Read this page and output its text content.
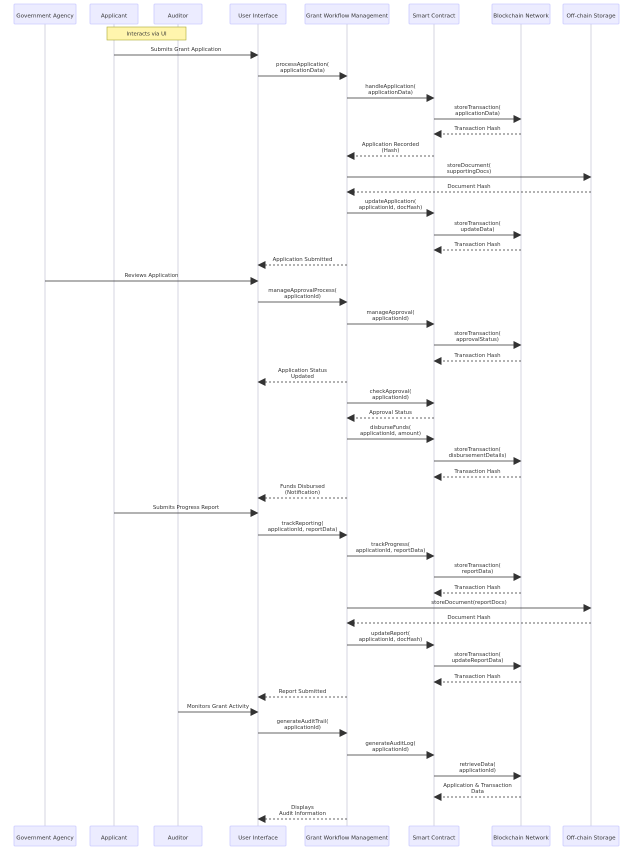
Government Agency	Applicant	Auditor	User Interface	Grant Workflow Management	Smart Contract	Blockchain Network	Off-chain Storage
Government Agency	Applicant	Auditor	User Interface	Grant Workflow Management	Smart Contract	Blockchain Network	Off-chain Storage
Interacts via UI
Submits Grant Application
processApplication(
applicationData)
handleApplication(
applicationData)
storeTransaction(
applicationData)
Transaction Hash
Application Recorded
(Hash)
storeDocument(
supportingDocs)
Document Hash
updateApplication(
applicationId, docHash)
storeTransaction(
updateData)
Transaction Hash
Application Submitted
Reviews Application
manageApprovalProcess(
applicationId)
manageApproval(
applicationId)
storeTransaction(
approvalStatus)
Transaction Hash
Application Status
Updated
checkApproval(
applicationId)
Approval Status
disburseFunds(
applicationId, amount)
storeTransaction(
disbursementDetails)
Transaction Hash
Funds Disbursed
(Notification)
Submits Progress Report
trackReporting(
applicationId, reportData)
trackProgress(
applicationId, reportData)
storeTransaction(
reportData)
Transaction Hash
storeDocument(reportDocs)
Document Hash
updateReport(
applicationId, docHash)
storeTransaction(
updateReportData)
Transaction Hash
Report Submitted
Monitors Grant Activity
generateAuditTrail(
applicationId)
generateAuditLog(
applicationId)
retrieveData(
applicationId)
Application & Transaction
Data
Displays
Audit Information
